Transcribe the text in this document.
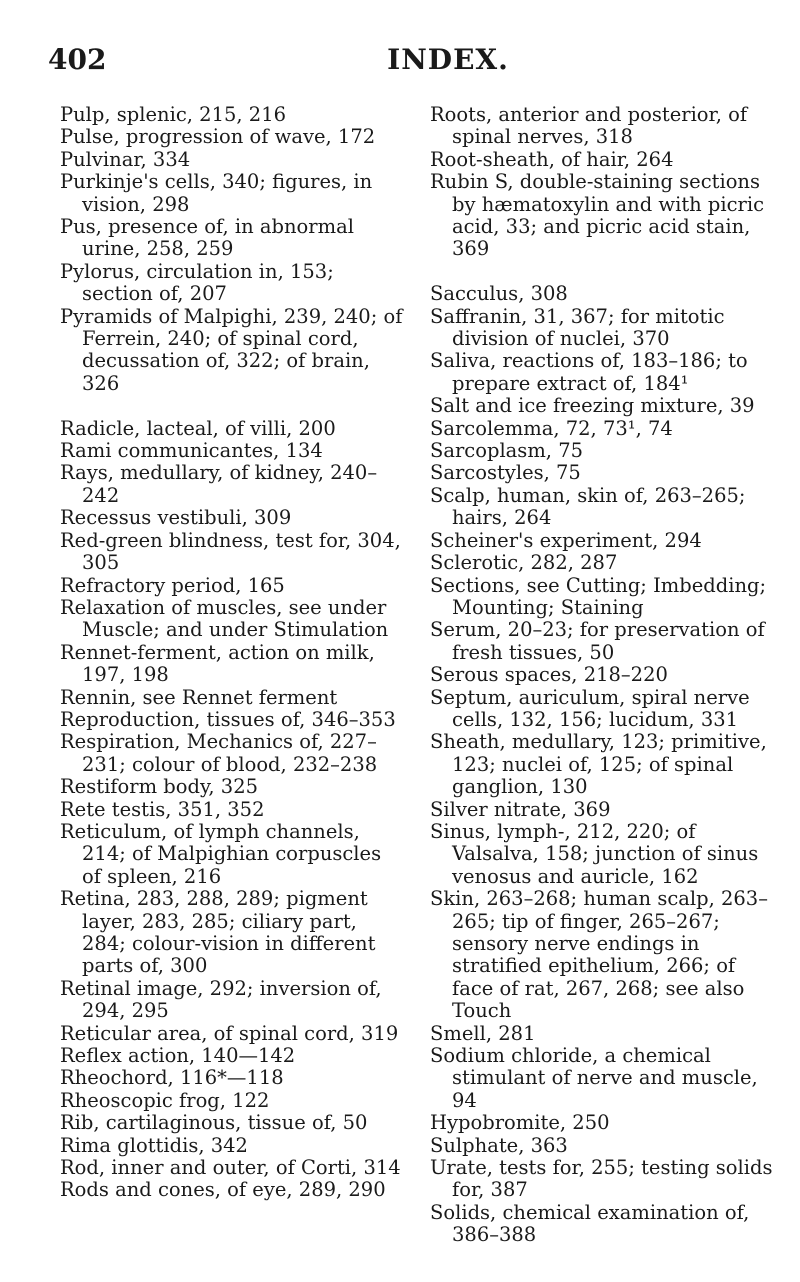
402	INDEX.
Pulp, splenic, 215, 216
Pulse, progression of wave, 172
Pulvinar, 334
Purkinje's cells, 340; figures, in vision, 298
Pus, presence of, in abnormal urine, 258, 259
Pylorus, circulation in, 153; section of, 207
Pyramids of Malpighi, 239, 240; of Ferrein, 240; of spinal cord, decussation of, 322; of brain, 326
Radicle, lacteal, of villi, 200
Rami communicantes, 134
Rays, medullary, of kidney, 240–242
Recessus vestibuli, 309
Red-green blindness, test for, 304, 305
Refractory period, 165
Relaxation of muscles, see under Muscle; and under Stimulation
Rennet-ferment, action on milk, 197, 198
Rennin, see Rennet ferment
Reproduction, tissues of, 346–353
Respiration, Mechanics of, 227–231; colour of blood, 232–238
Restiform body, 325
Rete testis, 351, 352
Reticulum, of lymph channels, 214; of Malpighian corpuscles of spleen, 216
Retina, 283, 288, 289; pigment layer, 283, 285; ciliary part, 284; colour-vision in different parts of, 300
Retinal image, 292; inversion of, 294, 295
Reticular area, of spinal cord, 319
Reflex action, 140—142
Rheochord, 116*—118
Rheoscopic frog, 122
Rib, cartilaginous, tissue of, 50
Rima glottidis, 342
Rod, inner and outer, of Corti, 314
Rods and cones, of eye, 289, 290
Roots, anterior and posterior, of spinal nerves, 318
Root-sheath, of hair, 264
Rubin S, double-staining sections by hæmatoxylin and with picric acid, 33; and picric acid stain, 369
Sacculus, 308
Saffranin, 31, 367; for mitotic division of nuclei, 370
Saliva, reactions of, 183–186; to prepare extract of, 184¹
Salt and ice freezing mixture, 39
Sarcolemma, 72, 73¹, 74
Sarcoplasm, 75
Sarcostyles, 75
Scalp, human, skin of, 263–265; hairs, 264
Scheiner's experiment, 294
Sclerotic, 282, 287
Sections, see Cutting; Imbedding; Mounting; Staining
Serum, 20–23; for preservation of fresh tissues, 50
Serous spaces, 218–220
Septum, auriculum, spiral nerve cells, 132, 156; lucidum, 331
Sheath, medullary, 123; primitive, 123; nuclei of, 125; of spinal ganglion, 130
Silver nitrate, 369
Sinus, lymph-, 212, 220; of Valsalva, 158; junction of sinus venosus and auricle, 162
Skin, 263–268; human scalp, 263–265; tip of finger, 265–267; sensory nerve endings in stratified epithelium, 266; of face of rat, 267, 268; see also Touch
Smell, 281
Sodium chloride, a chemical stimulant of nerve and muscle, 94
Hypobromite, 250
Sulphate, 363
Urate, tests for, 255; testing solids for, 387
Solids, chemical examination of, 386–388
